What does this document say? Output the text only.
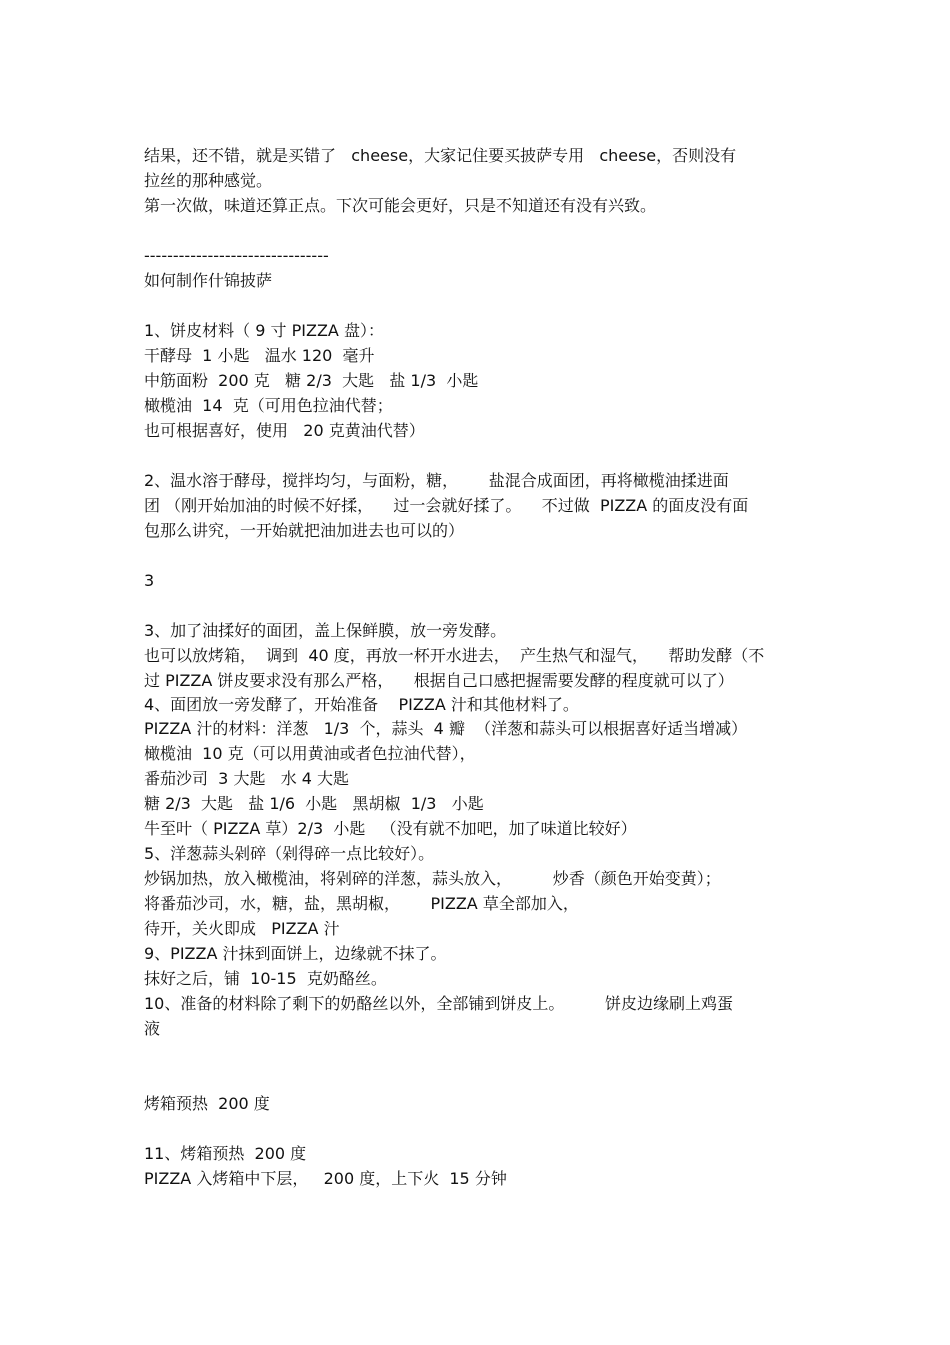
结果，还不错，就是买错了   cheese，大家记住要买披萨专用   cheese，否则没有

拉丝的那种感觉。

第一次做，味道还算正点。下次可能会更好，只是不知道还有没有兴致。

--------------------------------

如何制作什锦披萨

1、饼皮材料（ 9 寸 PIZZA 盘）：

干酵母  1 小匙   温水 120  毫升

中筋面粉  200 克   糖 2/3  大匙   盐 1/3  小匙

橄榄油  14  克（可用色拉油代替；

也可根据喜好，使用   20 克黄油代替）

2、温水溶于酵母，搅拌均匀，与面粉，糖，      盐混合成面团，再将橄榄油揉进面

团 （刚开始加油的时候不好揉，    过一会就好揉了。    不过做  PIZZA 的面皮没有面

包那么讲究，一开始就把油加进去也可以的）

3

3、加了油揉好的面团，盖上保鲜膜，放一旁发酵。

也可以放烤箱，  调到  40 度，再放一杯开水进去，  产生热气和湿气，    帮助发酵（不

过 PIZZA 饼皮要求没有那么严格，    根据自己口感把握需要发酵的程度就可以了）

4、面团放一旁发酵了，开始准备    PIZZA 汁和其他材料了。

PIZZA 汁的材料：洋葱   1/3  个，蒜头  4 瓣  （洋葱和蒜头可以根据喜好适当增减）

橄榄油  10 克（可以用黄油或者色拉油代替），

番茄沙司  3 大匙   水 4 大匙

糖 2/3  大匙   盐 1/6  小匙   黑胡椒  1/3   小匙

牛至叶（ PIZZA 草）2/3  小匙   （没有就不加吧，加了味道比较好）

5、洋葱蒜头剁碎（剁得碎一点比较好）。

炒锅加热，放入橄榄油，将剁碎的洋葱，蒜头放入，        炒香（颜色开始变黄）；

将番茄沙司，水，糖，盐，黑胡椒，      PIZZA 草全部加入，

待开，关火即成   PIZZA 汁

9、PIZZA 汁抹到面饼上，边缘就不抹了。

抹好之后，铺  10-15  克奶酪丝。

10、准备的材料除了剩下的奶酪丝以外，全部铺到饼皮上。        饼皮边缘刷上鸡蛋

液

烤箱预热  200 度

11、烤箱预热  200 度

PIZZA 入烤箱中下层，   200 度，上下火  15 分钟
